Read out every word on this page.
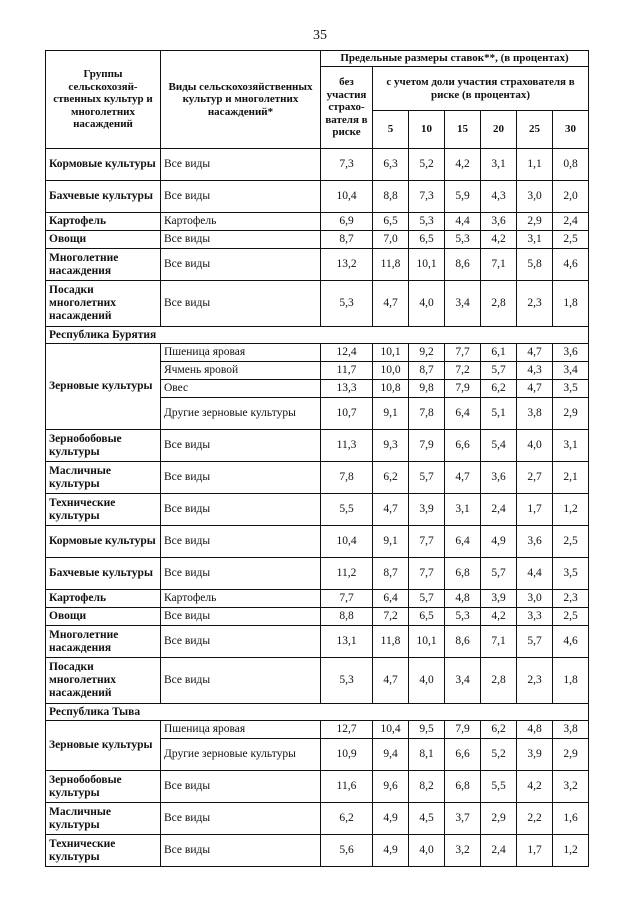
35
Группы сельскохозяй-ственных культур и многолетних насаждений	Виды сельскохозяйственных культур и многолетних насаждений*	Предельные размеры ставок**, (в процентах)						
		без участия страхо-вателя в риске	с учетом доли участия страхователя в риске (в процентах)					
			5	10	15	20	25	30
Кормовые культуры	Все виды	7,3	6,3	5,2	4,2	3,1	1,1	0,8
Бахчевые культуры	Все виды	10,4	8,8	7,3	5,9	4,3	3,0	2,0
Картофель	Картофель	6,9	6,5	5,3	4,4	3,6	2,9	2,4
Овощи	Все виды	8,7	7,0	6,5	5,3	4,2	3,1	2,5
Многолетние насаждения	Все виды	13,2	11,8	10,1	8,6	7,1	5,8	4,6
Посадки многолетних насаждений	Все виды	5,3	4,7	4,0	3,4	2,8	2,3	1,8
Республика Бурятия								
Зерновые культуры	Пшеница яровая	12,4	10,1	9,2	7,7	6,1	4,7	3,6
	Ячмень яровой	11,7	10,0	8,7	7,2	5,7	4,3	3,4
	Овес	13,3	10,8	9,8	7,9	6,2	4,7	3,5
	Другие зерновые культуры	10,7	9,1	7,8	6,4	5,1	3,8	2,9
Зернобобовые культуры	Все виды	11,3	9,3	7,9	6,6	5,4	4,0	3,1
Масличные культуры	Все виды	7,8	6,2	5,7	4,7	3,6	2,7	2,1
Технические культуры	Все виды	5,5	4,7	3,9	3,1	2,4	1,7	1,2
Кормовые культуры	Все виды	10,4	9,1	7,7	6,4	4,9	3,6	2,5
Бахчевые культуры	Все виды	11,2	8,7	7,7	6,8	5,7	4,4	3,5
Картофель	Картофель	7,7	6,4	5,7	4,8	3,9	3,0	2,3
Овощи	Все виды	8,8	7,2	6,5	5,3	4,2	3,3	2,5
Многолетние насаждения	Все виды	13,1	11,8	10,1	8,6	7,1	5,7	4,6
Посадки многолетних насаждений	Все виды	5,3	4,7	4,0	3,4	2,8	2,3	1,8
Республика Тыва								
Зерновые культуры	Пшеница яровая	12,7	10,4	9,5	7,9	6,2	4,8	3,8
	Другие зерновые культуры	10,9	9,4	8,1	6,6	5,2	3,9	2,9
Зернобобовые культуры	Все виды	11,6	9,6	8,2	6,8	5,5	4,2	3,2
Масличные культуры	Все виды	6,2	4,9	4,5	3,7	2,9	2,2	1,6
Технические культуры	Все виды	5,6	4,9	4,0	3,2	2,4	1,7	1,2
